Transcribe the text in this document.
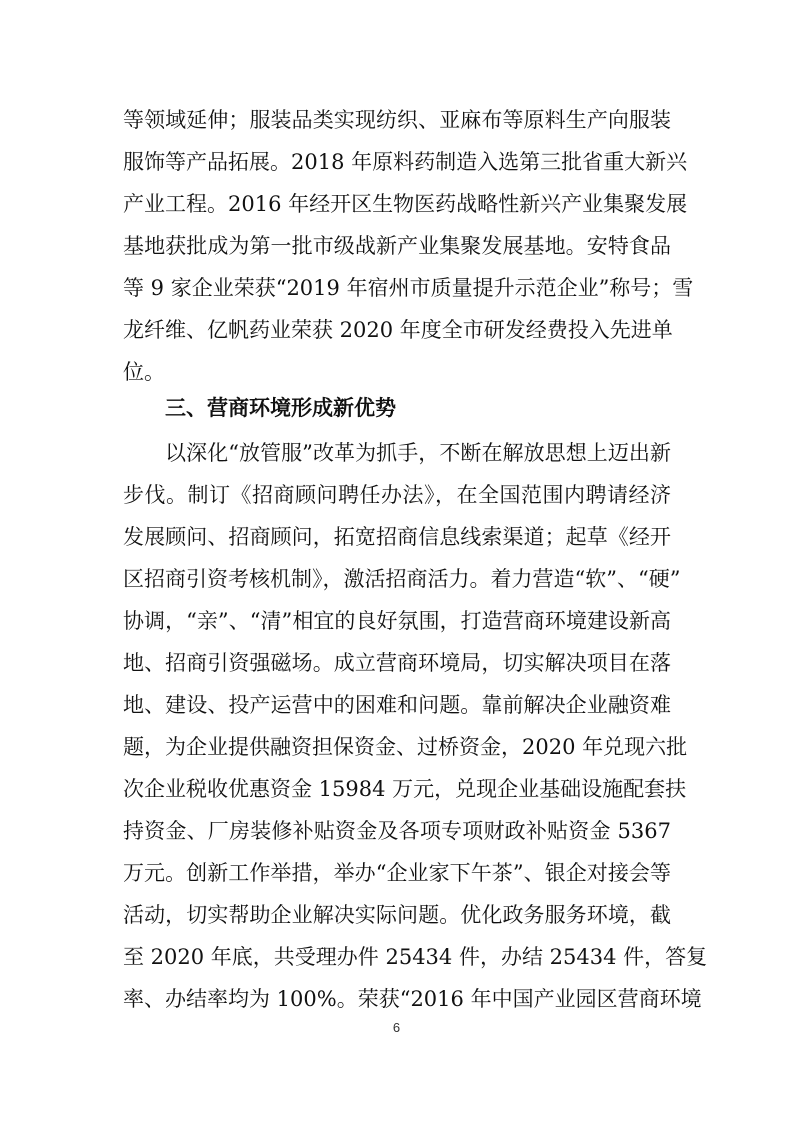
等领域延伸；服装品类实现纺织、亚麻布等原料生产向服装
服饰等产品拓展。2018 年原料药制造入选第三批省重大新兴
产业工程。2016 年经开区生物医药战略性新兴产业集聚发展
基地获批成为第一批市级战新产业集聚发展基地。安特食品
等 9 家企业荣获“2019 年宿州市质量提升示范企业”称号；雪
龙纤维、亿帆药业荣获 2020 年度全市研发经费投入先进单
位。
三、营商环境形成新优势
以深化“放管服”改革为抓手，不断在解放思想上迈出新
步伐。制订《招商顾问聘任办法》，在全国范围内聘请经济
发展顾问、招商顾问，拓宽招商信息线索渠道；起草《经开
区招商引资考核机制》，激活招商活力。着力营造“软”、“硬”
协调，“亲”、“清”相宜的良好氛围，打造营商环境建设新高
地、招商引资强磁场。成立营商环境局，切实解决项目在落
地、建设、投产运营中的困难和问题。靠前解决企业融资难
题，为企业提供融资担保资金、过桥资金，2020 年兑现六批
次企业税收优惠资金 15984 万元，兑现企业基础设施配套扶
持资金、厂房装修补贴资金及各项专项财政补贴资金 5367
万元。创新工作举措，举办“企业家下午茶”、银企对接会等
活动，切实帮助企业解决实际问题。优化政务服务环境，截
至 2020 年底，共受理办件 25434 件，办结 25434 件，答复
率、办结率均为 100%。荣获“2016 年中国产业园区营商环境
6
